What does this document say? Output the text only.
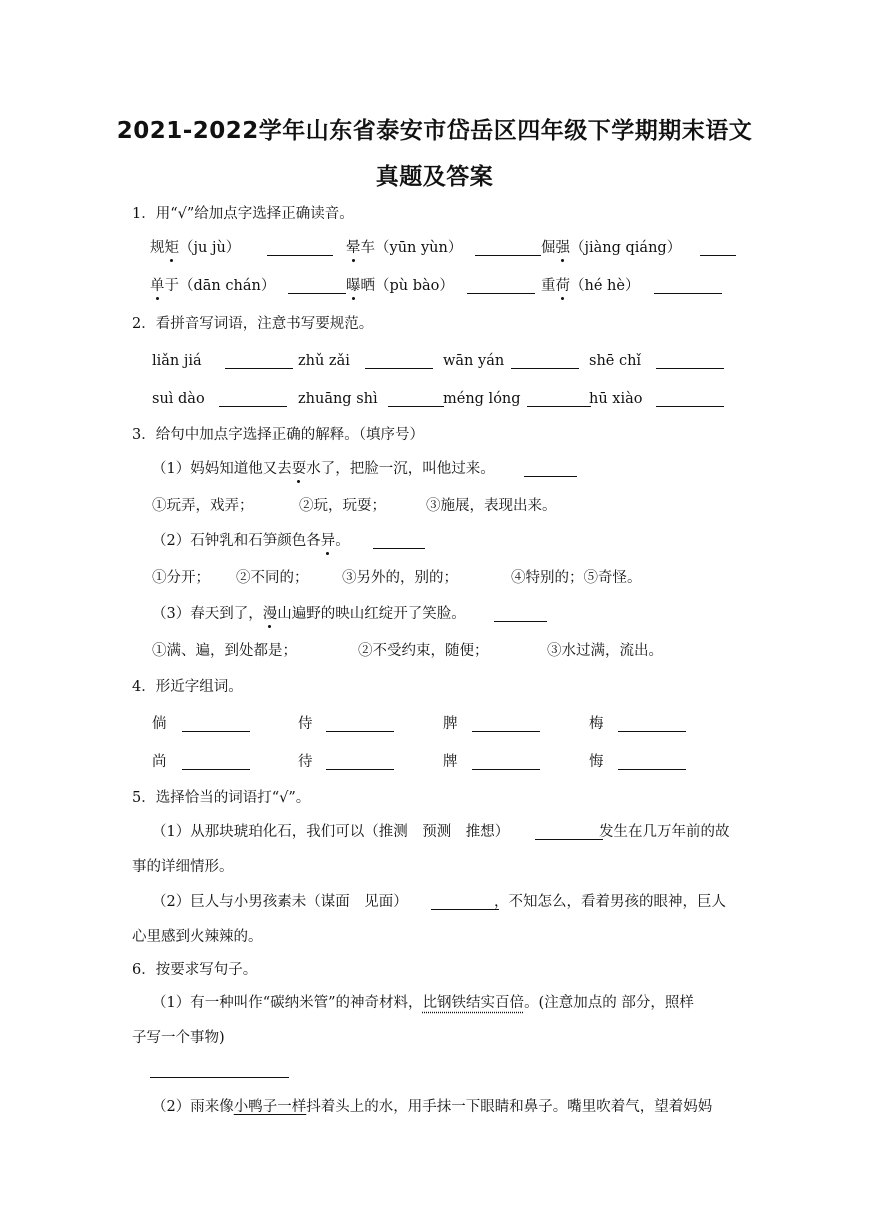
2021-2022学年山东省泰安市岱岳区四年级下学期期末语文
真题及答案
1．用“√”给加点字选择正确读音。
规矩（ju jù）	晕车（yūn yùn）	倔强（jiàng qiáng）
单于（dān chán）	曝晒（pù bào）	重荷（hé hè）
2．看拼音写词语，注意书写要规范。
liǎn jiá	zhǔ zǎi	wān yán	shē chǐ
suì dào	zhuāng shì	méng lóng	hū xiào
3．给句中加点字选择正确的解释。（填序号）
（1）妈妈知道他又去耍水了，把脸一沉，叫他过来。
①玩弄，戏弄；	②玩，玩耍；	③施展，表现出来。
（2）石钟乳和石笋颜色各异。
①分开； ②不同的； ③另外的，别的；	④特别的；⑤奇怪。
（3）春天到了，漫山遍野的映山红绽开了笑脸。
①满、遍，到处都是；	②不受约束，随便；	③水过满，流出。
4．形近字组词。
倘	侍	脾	梅
尚	待	牌	悔
5．选择恰当的词语打“√”。
（1）从那块琥珀化石，我们可以（推测　预测　推想）	发生在几万年前的故
事的详细情形。
（2）巨人与小男孩素未（谋面　见面）	，不知怎么，看着男孩的眼神，巨人
心里感到火辣辣的。
6．按要求写句子。
（1）有一种叫作“碳纳米管”的神奇材料，比钢铁结实百倍。(注意加点的 部分，照样
子写一个事物)
（2）雨来像小鸭子一样抖着头上的水，用手抹一下眼睛和鼻子。嘴里吹着气，望着妈妈
